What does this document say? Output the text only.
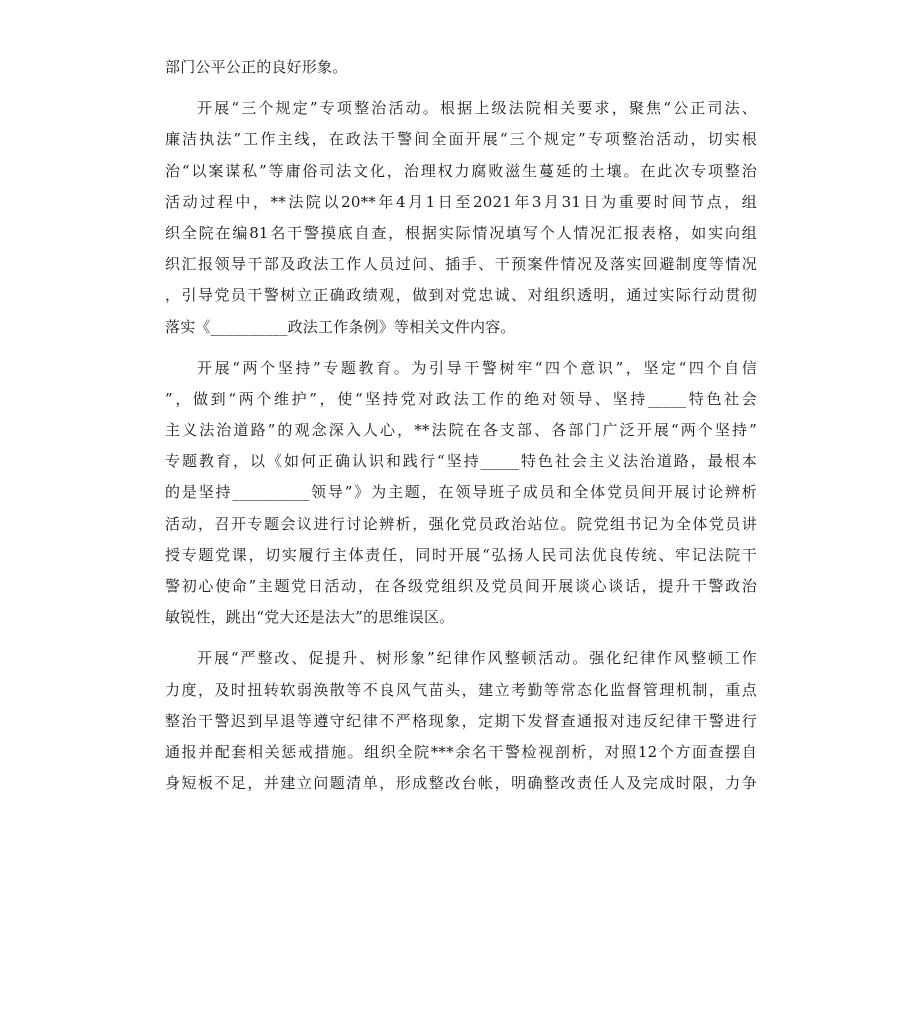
部门公平公正的良好形象。
开展“三个规定”专项整治活动。根据上级法院相关要求，聚焦“公正司法、
廉洁执法”工作主线，在政法干警间全面开展“三个规定”专项整治活动，切实根
治“以案谋私”等庸俗司法文化，治理权力腐败滋生蔓延的土壤。在此次专项整治
活动过程中，**法院以20**年4月1日至2021年3月31日为重要时间节点，组
织全院在编81名干警摸底自查，根据实际情况填写个人情况汇报表格，如实向组
织汇报领导干部及政法工作人员过问、插手、干预案件情况及落实回避制度等情况
，引导党员干警树立正确政绩观，做到对党忠诚、对组织透明，通过实际行动贯彻
落实《__________政法工作条例》等相关文件内容。
开展“两个坚持”专题教育。为引导干警树牢“四个意识”，坚定“四个自信
”，做到“两个维护”，使“坚持党对政法工作的绝对领导、坚持_____特色社会
主义法治道路”的观念深入人心，**法院在各支部、各部门广泛开展“两个坚持”
专题教育，以《如何正确认识和践行“坚持_____特色社会主义法治道路，最根本
的是坚持__________领导”》为主题，在领导班子成员和全体党员间开展讨论辨析
活动，召开专题会议进行讨论辨析，强化党员政治站位。院党组书记为全体党员讲
授专题党课，切实履行主体责任，同时开展“弘扬人民司法优良传统、牢记法院干
警初心使命”主题党日活动，在各级党组织及党员间开展谈心谈话，提升干警政治
敏锐性，跳出“党大还是法大”的思维误区。
开展“严整改、促提升、树形象”纪律作风整顿活动。强化纪律作风整顿工作
力度，及时扭转软弱涣散等不良风气苗头，建立考勤等常态化监督管理机制，重点
整治干警迟到早退等遵守纪律不严格现象，定期下发督查通报对违反纪律干警进行
通报并配套相关惩戒措施。组织全院***余名干警检视剖析，对照12个方面查摆自
身短板不足，并建立问题清单，形成整改台帐，明确整改责任人及完成时限，力争
